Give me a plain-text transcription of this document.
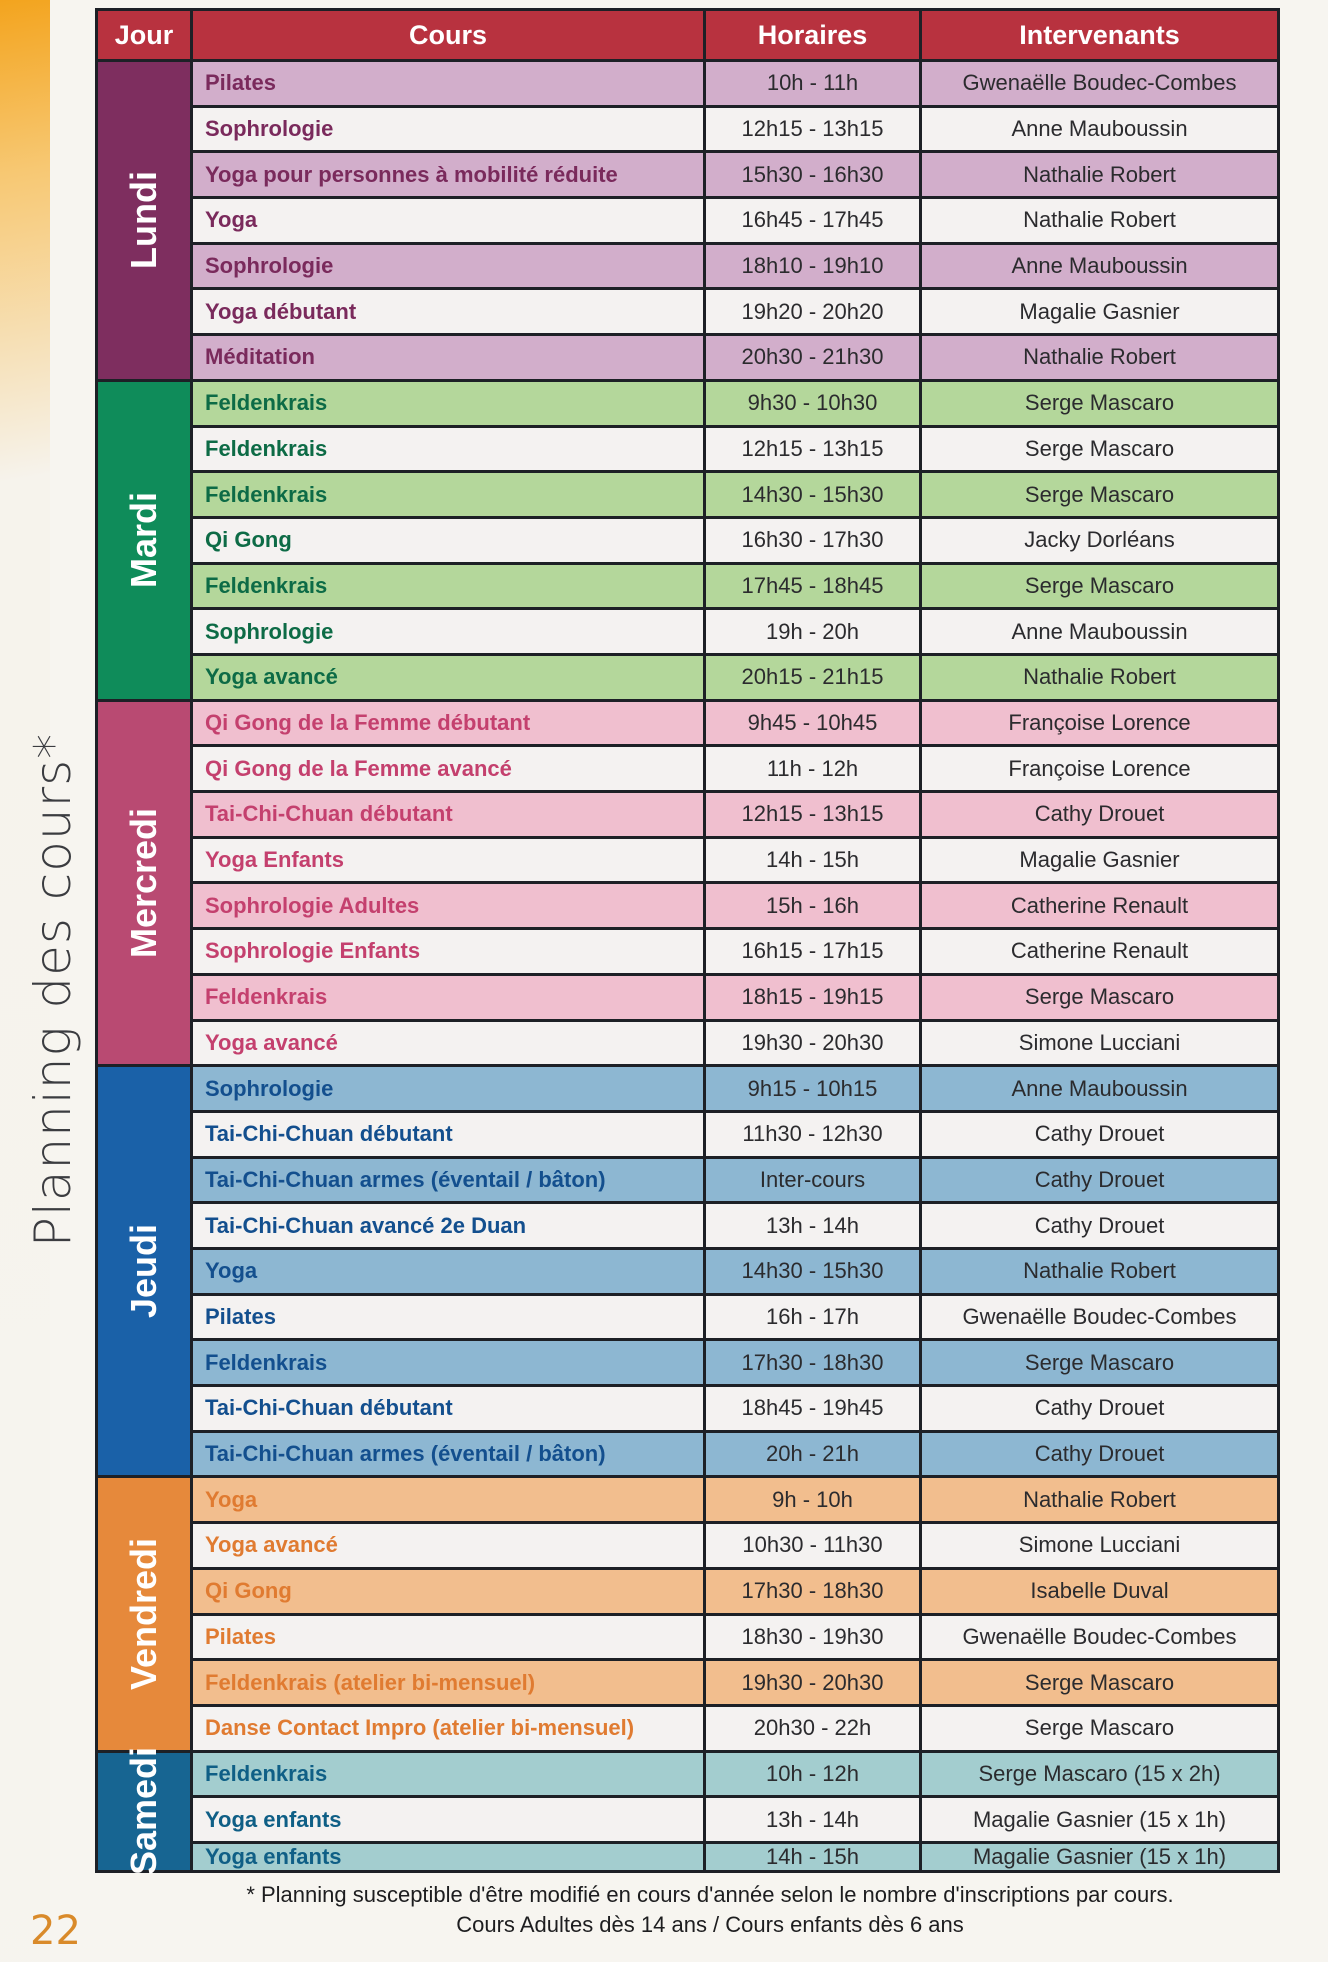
Planning des cours*
Jour	Cours	Horaires	Intervenants
Lundi
Pilates	10h - 11h	Gwenaëlle Boudec-Combes
Sophrologie	12h15 - 13h15	Anne Mauboussin
Yoga pour personnes à mobilité réduite	15h30 - 16h30	Nathalie Robert
Yoga	16h45 - 17h45	Nathalie Robert
Sophrologie	18h10 - 19h10	Anne Mauboussin
Yoga débutant	19h20 - 20h20	Magalie Gasnier
Méditation	20h30 - 21h30	Nathalie Robert
Mardi
Feldenkrais	9h30 - 10h30	Serge Mascaro
Feldenkrais	12h15 - 13h15	Serge Mascaro
Feldenkrais	14h30 - 15h30	Serge Mascaro
Qi Gong	16h30 - 17h30	Jacky Dorléans
Feldenkrais	17h45 - 18h45	Serge Mascaro
Sophrologie	19h - 20h	Anne Mauboussin
Yoga avancé	20h15 - 21h15	Nathalie Robert
Mercredi
Qi Gong de la Femme débutant	9h45 - 10h45	Françoise Lorence
Qi Gong de la Femme avancé	11h - 12h	Françoise Lorence
Tai-Chi-Chuan débutant	12h15 - 13h15	Cathy Drouet
Yoga Enfants	14h - 15h	Magalie Gasnier
Sophrologie Adultes	15h - 16h	Catherine Renault
Sophrologie Enfants	16h15 - 17h15	Catherine Renault
Feldenkrais	18h15 - 19h15	Serge Mascaro
Yoga avancé	19h30 - 20h30	Simone Lucciani
Jeudi
Sophrologie	9h15 - 10h15	Anne Mauboussin
Tai-Chi-Chuan débutant	11h30 - 12h30	Cathy Drouet
Tai-Chi-Chuan armes (éventail / bâton)	Inter-cours	Cathy Drouet
Tai-Chi-Chuan avancé 2e Duan	13h - 14h	Cathy Drouet
Yoga	14h30 - 15h30	Nathalie Robert
Pilates	16h - 17h	Gwenaëlle Boudec-Combes
Feldenkrais	17h30 - 18h30	Serge Mascaro
Tai-Chi-Chuan débutant	18h45 - 19h45	Cathy Drouet
Tai-Chi-Chuan armes (éventail / bâton)	20h - 21h	Cathy Drouet
Vendredi
Yoga	9h - 10h	Nathalie Robert
Yoga avancé	10h30 - 11h30	Simone Lucciani
Qi Gong	17h30 - 18h30	Isabelle Duval
Pilates	18h30 - 19h30	Gwenaëlle Boudec-Combes
Feldenkrais (atelier bi-mensuel)	19h30 - 20h30	Serge Mascaro
Danse Contact Impro (atelier bi-mensuel)	20h30 - 22h	Serge Mascaro
Samedi	Feldenkrais	10h - 12h	Serge Mascaro (15 x 2h)
Yoga enfants	13h - 14h	Magalie Gasnier (15 x 1h)
Yoga enfants	14h - 15h	Magalie Gasnier (15 x 1h)
* Planning susceptible d'être modifié en cours d'année selon le nombre d'inscriptions par cours.
Cours Adultes dès 14 ans / Cours enfants dès 6 ans
22
